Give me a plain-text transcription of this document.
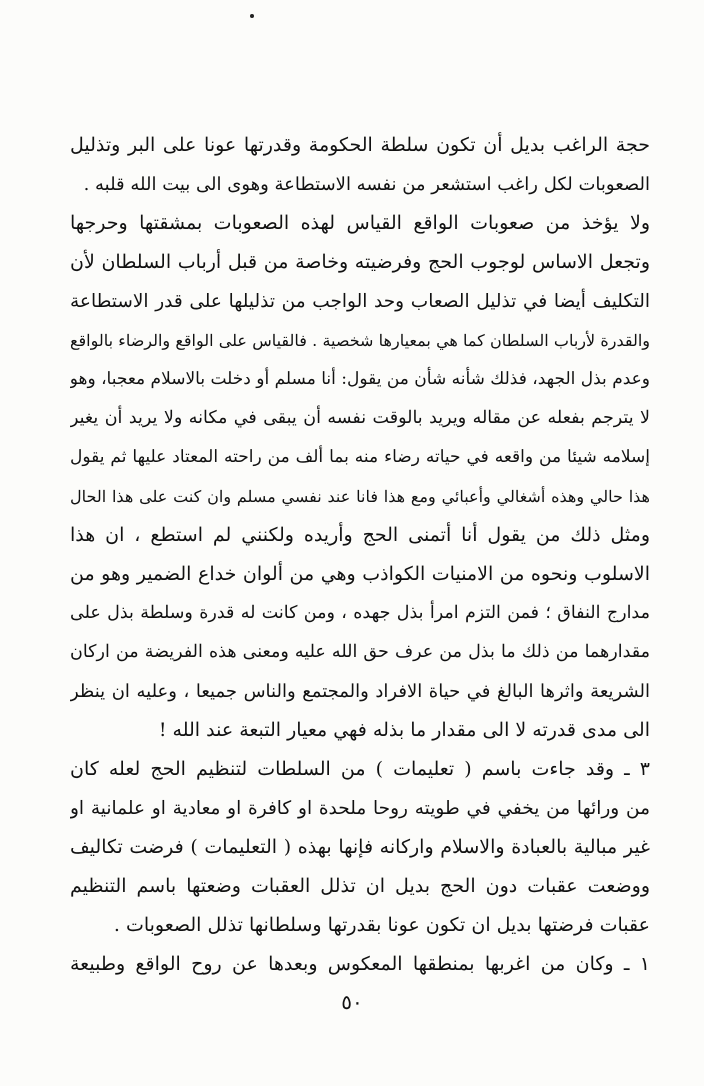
حجة الراغب بديل أن تكون سلطة الحكومة وقدرتها عونا على البر وتذليل
الصعوبات لكل راغب استشعر من نفسه الاستطاعة وهوى الى بيت الله قلبه .
ولا يؤخذ من صعوبات الواقع القياس لهذه الصعوبات بمشقتها وحرجها
وتجعل الاساس لوجوب الحج وفرضيته وخاصة من قبل أرباب السلطان لأن
التكليف أيضا في تذليل الصعاب وحد الواجب من تذليلها على قدر الاستطاعة
والقدرة لأرباب السلطان كما هي بمعيارها شخصية . فالقياس على الواقع والرضاء بالواقع
وعدم بذل الجهد، فذلك شأنه شأن من يقول: أنا مسلم أو دخلت بالاسلام معجبا، وهو
لا يترجم بفعله عن مقاله ويريد بالوقت نفسه أن يبقى في مكانه ولا يريد أن يغير
إسلامه شيئا من واقعه في حياته رضاء منه بما ألف من راحته المعتاد عليها ثم يقول
هذا حالي وهذه أشغالي وأعبائي ومع هذا فانا عند نفسي مسلم وان كنت على هذا الحال
ومثل ذلك من يقول أنا أتمنى الحج وأريده ولكنني لم استطع ، ان هذا
الاسلوب ونحوه من الامنيات الكواذب وهي من ألوان خداع الضمير وهو من
مدارج النفاق ؛ فمن التزم امرأ بذل جهده ، ومن كانت له قدرة وسلطة بذل على
مقدارهما من ذلك ما بذل من عرف حق الله عليه ومعنى هذه الفريضة من اركان
الشريعة واثرها البالغ في حياة الافراد والمجتمع والناس جميعا ، وعليه ان ينظر
الى مدى قدرته لا الى مقدار ما بذله فهي معيار التبعة عند الله !
٣ ـ وقد جاءت باسم ( تعليمات ) من السلطات لتنظيم الحج لعله كان
من ورائها من يخفي في طويته روحا ملحدة او كافرة او معادية او علمانية او
غير مبالية بالعبادة والاسلام واركانه فإنها بهذه ( التعليمات ) فرضت تكاليف
ووضعت عقبات دون الحج بديل ان تذلل العقبات وضعتها باسم التنظيم
عقبات فرضتها بديل ان تكون عونا بقدرتها وسلطانها تذلل الصعوبات .
١ ـ وكان من اغربها بمنطقها المعكوس وبعدها عن روح الواقع وطبيعة
٥٠
